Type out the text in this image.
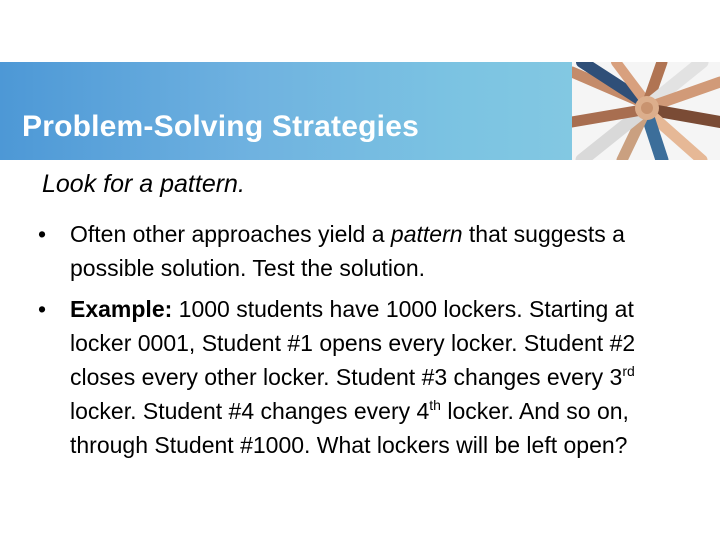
Problem-Solving Strategies
Look for a pattern.
• Often other approaches yield a pattern that suggests a possible solution. Test the solution.
• Example: 1000 students have 1000 lockers. Starting at locker 0001, Student #1 opens every locker. Student #2 closes every other locker. Student #3 changes every 3rd locker. Student #4 changes every 4th locker. And so on, through Student #1000. What lockers will be left open?
